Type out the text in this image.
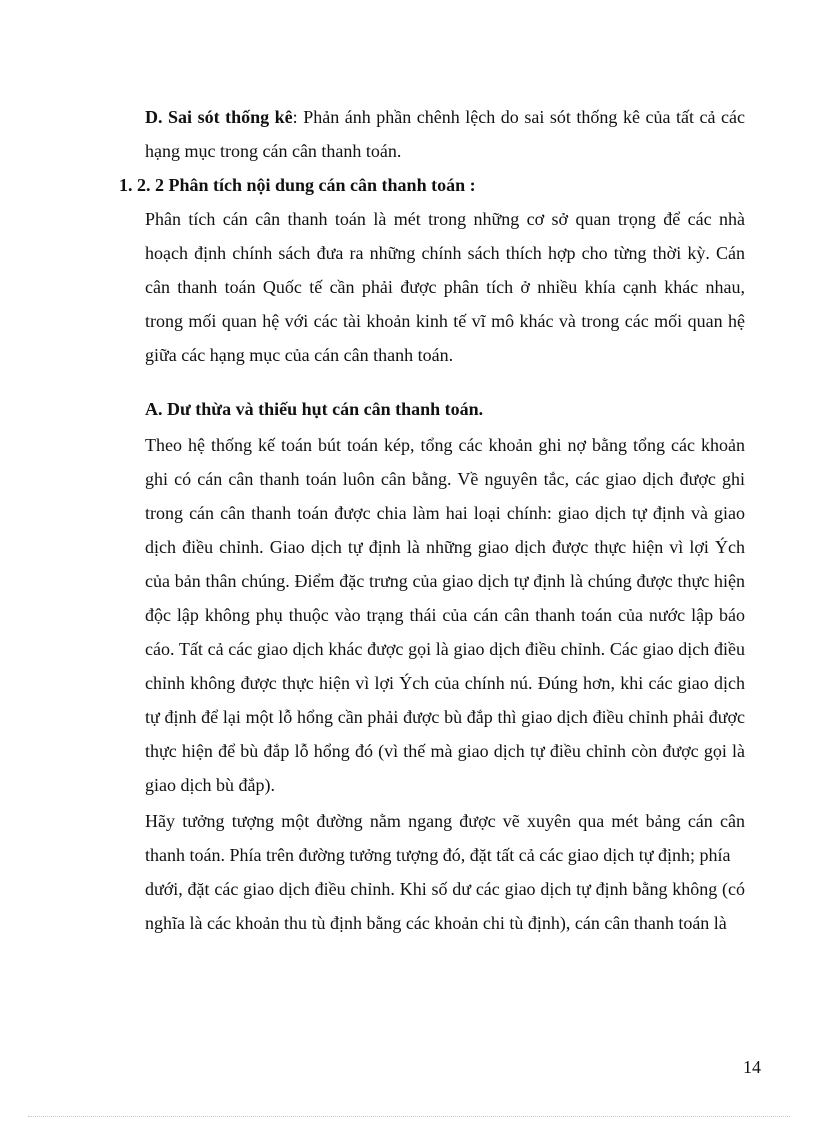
D. Sai sót thống kê: Phản ánh phần chênh lệch do sai sót thống kê của tất cả các hạng mục trong cán cân thanh toán.

1. 2. 2 Phân tích nội dung cán cân thanh toán :

Phân tích cán cân thanh toán là mét trong những cơ sở quan trọng để các nhà hoạch định chính sách đưa ra những chính sách thích hợp cho từng thời kỳ. Cán cân thanh toán Quốc tế cần phải được phân tích ở nhiều khía cạnh khác nhau, trong mối quan hệ với các tài khoản kinh tế vĩ mô khác và trong các mối quan hệ giữa các hạng mục của cán cân thanh toán.

A. Dư thừa và thiếu hụt cán cân thanh toán.

Theo hệ thống kế toán bút toán kép, tổng các khoản ghi nợ bằng tổng các khoản ghi có cán cân thanh toán luôn cân bằng. Về nguyên tắc, các giao dịch được ghi trong cán cân thanh toán được chia làm hai loại chính: giao dịch tự định và giao dịch điều chỉnh. Giao dịch tự định là những giao dịch được thực hiện vì lợi Ých của bản thân chúng. Điểm đặc trưng của giao dịch tự định là chúng được thực hiện độc lập không phụ thuộc vào trạng thái của cán cân thanh toán của nước lập báo cáo. Tất cả các giao dịch khác được gọi là giao dịch điều chỉnh. Các giao dịch điều chỉnh không được thực hiện vì lợi Ých của chính nú. Đúng hơn, khi các giao dịch tự định để lại một lỗ hổng cần phải được bù đắp thì giao dịch điều chỉnh phải được thực hiện để bù đắp lỗ hổng đó (vì thế mà giao dịch tự điều chỉnh còn được gọi là giao dịch bù đắp).

Hãy tưởng tượng một đường nằm ngang được vẽ xuyên qua mét bảng cán cân thanh toán. Phía trên đường tưởng tượng đó, đặt tất cả các giao dịch tự định; phía

dưới, đặt các giao dịch điều chỉnh. Khi số dư các giao dịch tự định bằng không (có nghĩa là các khoản thu tù định bằng các khoản chi tù định), cán cân thanh toán là

14
